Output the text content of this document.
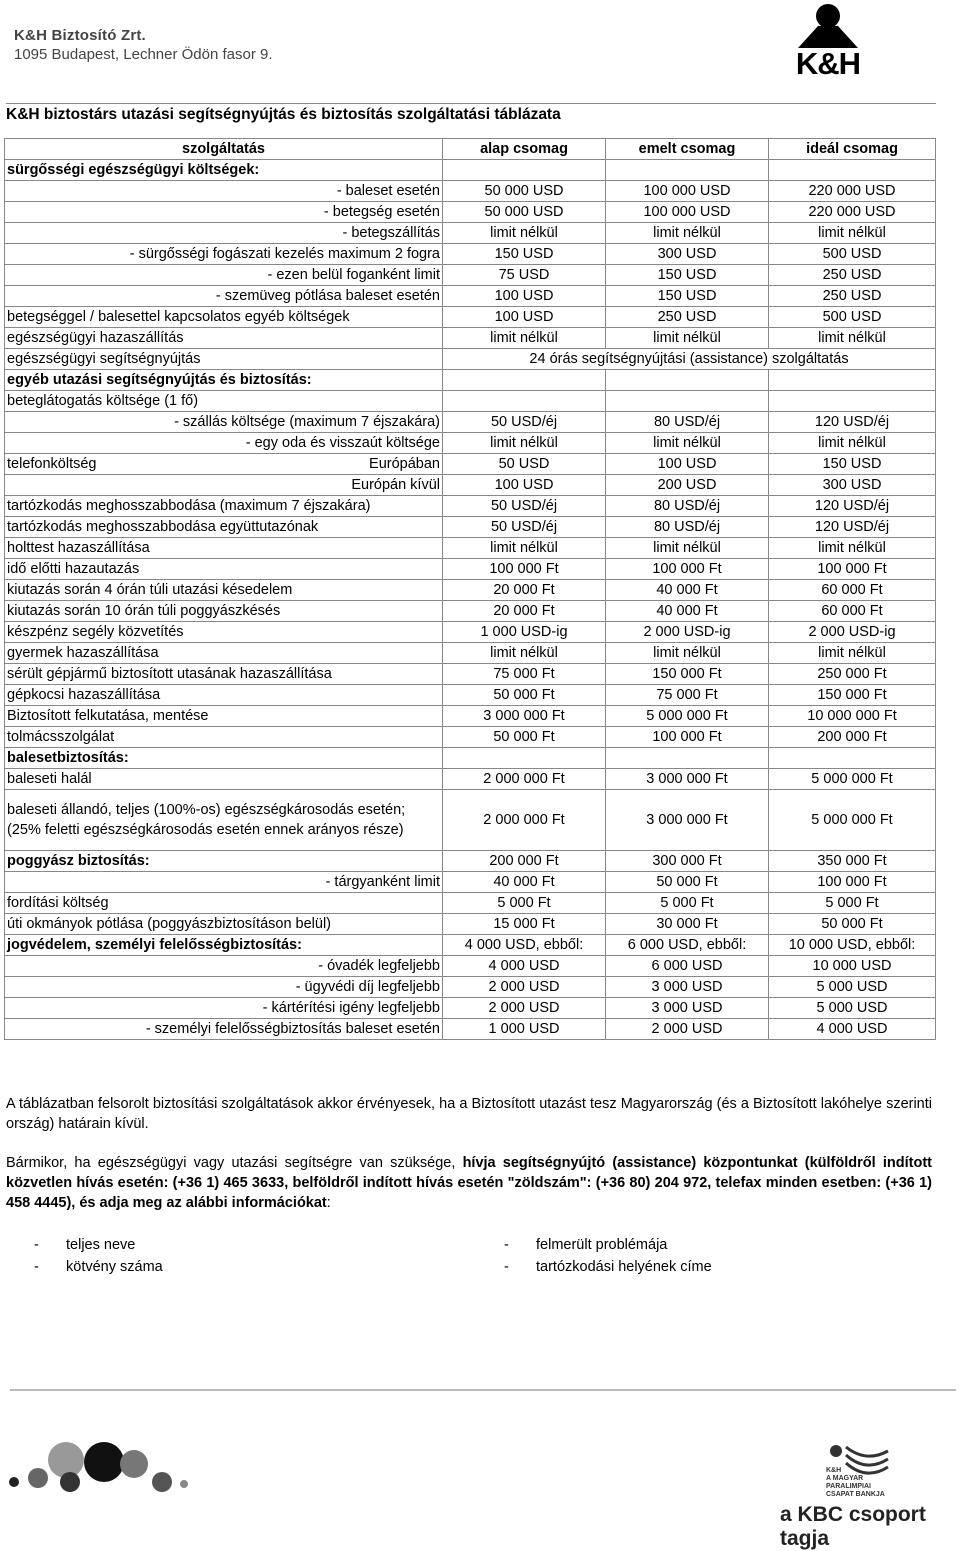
K&H Biztosító Zrt.
1095 Budapest, Lechner Ödön fasor 9.	K&H
K&H biztostárs utazási segítségnyújtás és biztosítás szolgáltatási táblázata
szolgáltatás	alap csomag	emelt csomag	ideál csomag
sürgősségi egészségügyi költségek:			
- baleset esetén	50 000 USD	100 000 USD	220 000 USD
- betegség esetén	50 000 USD	100 000 USD	220 000 USD
- betegszállítás	limit nélkül	limit nélkül	limit nélkül
- sürgősségi fogászati kezelés maximum 2 fogra	150 USD	300 USD	500 USD
- ezen belül foganként limit	75 USD	150 USD	250 USD
- szemüveg pótlása baleset esetén	100 USD	150 USD	250 USD
betegséggel / balesettel kapcsolatos egyéb költségek	100 USD	250 USD	500 USD
egészségügyi hazaszállítás	limit nélkül	limit nélkül	limit nélkül
egészségügyi segítségnyújtás	24 órás segítségnyújtási (assistance) szolgáltatás		
egyéb utazási segítségnyújtás és biztosítás:			
beteglátogatás költsége (1 fő)			
- szállás költsége (maximum 7 éjszakára)	50 USD/éj	80 USD/éj	120 USD/éj
- egy oda és visszaút költsége	limit nélkül	limit nélkül	limit nélkül

telefonköltség Európában	50 USD	100 USD	150 USD
Európán kívül	100 USD	200 USD	300 USD
tartózkodás meghosszabbodása (maximum 7 éjszakára)	50 USD/éj	80 USD/éj	120 USD/éj
tartózkodás meghosszabbodása együttutazónak	50 USD/éj	80 USD/éj	120 USD/éj
holttest hazaszállítása	limit nélkül	limit nélkül	limit nélkül
idő előtti hazautazás	100 000 Ft	100 000 Ft	100 000 Ft
kiutazás során 4 órán túli utazási késedelem	20 000 Ft	40 000 Ft	60 000 Ft
kiutazás során 10 órán túli poggyászkésés	20 000 Ft	40 000 Ft	60 000 Ft
készpénz segély közvetítés	1 000 USD-ig	2 000 USD-ig	2 000 USD-ig
gyermek hazaszállítása	limit nélkül	limit nélkül	limit nélkül
sérült gépjármű biztosított utasának hazaszállítása	75 000 Ft	150 000 Ft	250 000 Ft
gépkocsi hazaszállítása	50 000 Ft	75 000 Ft	150 000 Ft
Biztosított felkutatása, mentése	3 000 000 Ft	5 000 000 Ft	10 000 000 Ft
tolmácsszolgálat	50 000 Ft	100 000 Ft	200 000 Ft
balesetbiztosítás:			
baleseti halál	2 000 000 Ft	3 000 000 Ft	5 000 000 Ft
baleseti állandó, teljes (100%-os) egészségkárosodás esetén; (25% feletti egészségkárosodás esetén ennek arányos része)	2 000 000 Ft	3 000 000 Ft	5 000 000 Ft
poggyász biztosítás:	200 000 Ft	300 000 Ft	350 000 Ft
- tárgyanként limit	40 000 Ft	50 000 Ft	100 000 Ft
fordítási költség	5 000 Ft	5 000 Ft	5 000 Ft
úti okmányok pótlása (poggyászbiztosításon belül)	15 000 Ft	30 000 Ft	50 000 Ft
jogvédelem, személyi felelősségbiztosítás:	4 000 USD, ebből:	6 000 USD, ebből:	10 000 USD, ebből:
- óvadék legfeljebb	4 000 USD	6 000 USD	10 000 USD
- ügyvédi díj legfeljebb	2 000 USD	3 000 USD	5 000 USD
- kártérítési igény legfeljebb	2 000 USD	3 000 USD	5 000 USD
- személyi felelősségbiztosítás baleset esetén	1 000 USD	2 000 USD	4 000 USD
A táblázatban felsorolt biztosítási szolgáltatások akkor érvényesek, ha a Biztosított utazást tesz Magyarország (és a Biztosított lakóhelye szerinti ország) határain kívül.
Bármikor, ha egészségügyi vagy utazási segítségre van szüksége, hívja segítségnyújtó (assistance) központunkat (külföldről indított közvetlen hívás esetén: (+36 1) 465 3633, belföldről indított hívás esetén "zöldszám": (+36 80) 204 972, telefax minden esetben: (+36 1) 458 4445), és adja meg az alábbi információkat:
- teljes neve
- kötvény száma
- felmerült problémája
- tartózkodási helyének címe
K&H
A MAGYAR
PARALIMPIAI
CSAPAT BANKJA
a KBC csoport tagja
